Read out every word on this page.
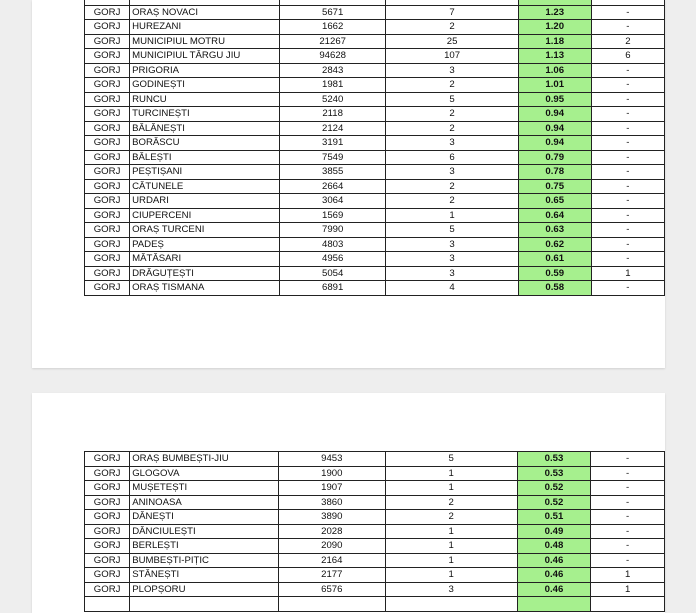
GORJ	ORAȘ NOVACI	5671	7	1.23	-
GORJ	HUREZANI	1662	2	1.20	-
GORJ	MUNICIPIUL MOTRU	21267	25	1.18	2
GORJ	MUNICIPIUL TÂRGU JIU	94628	107	1.13	6
GORJ	PRIGORIA	2843	3	1.06	-
GORJ	GODINEȘTI	1981	2	1.01	-
GORJ	RUNCU	5240	5	0.95	-
GORJ	TURCINEȘTI	2118	2	0.94	-
GORJ	BĂLĂNEȘTI	2124	2	0.94	-
GORJ	BORĂSCU	3191	3	0.94	-
GORJ	BĂLEȘTI	7549	6	0.79	-
GORJ	PEȘTIȘANI	3855	3	0.78	-
GORJ	CĂTUNELE	2664	2	0.75	-
GORJ	URDARI	3064	2	0.65	-
GORJ	CIUPERCENI	1569	1	0.64	-
GORJ	ORAȘ TURCENI	7990	5	0.63	-
GORJ	PADEȘ	4803	3	0.62	-
GORJ	MĂTĂSARI	4956	3	0.61	-
GORJ	DRĂGUȚEȘTI	5054	3	0.59	1
GORJ	ORAȘ TISMANA	6891	4	0.58	-
GORJ	ORAȘ BUMBEȘTI-JIU	9453	5	0.53	-
GORJ	GLOGOVA	1900	1	0.53	-
GORJ	MUȘETEȘTI	1907	1	0.52	-
GORJ	ANINOASA	3860	2	0.52	-
GORJ	DĂNEȘTI	3890	2	0.51	-
GORJ	DĂNCIULEȘTI	2028	1	0.49	-
GORJ	BERLEȘTI	2090	1	0.48	-
GORJ	BUMBEȘTI-PIȚIC	2164	1	0.46	-
GORJ	STĂNEȘTI	2177	1	0.46	1
GORJ	PLOPȘORU	6576	3	0.46	1
